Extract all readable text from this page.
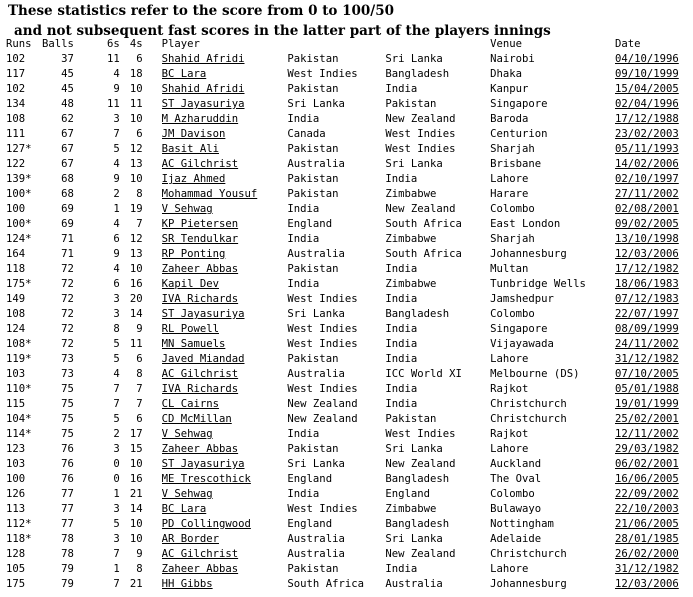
These statistics refer to the score from 0 to 100/50
and not subsequent fast scores in the latter part of the players innings
Runs	Balls	6s	4s		Player			Venue	Date
102	37	11	6		Shahid Afridi	Pakistan	Sri Lanka	Nairobi	04/10/1996
117	45	4	18		BC Lara	West Indies	Bangladesh	Dhaka	09/10/1999
102	45	9	10		Shahid Afridi	Pakistan	India	Kanpur	15/04/2005
134	48	11	11		ST Jayasuriya	Sri Lanka	Pakistan	Singapore	02/04/1996
108	62	3	10		M Azharuddin	India	New Zealand	Baroda	17/12/1988
111	67	7	6		JM Davison	Canada	West Indies	Centurion	23/02/2003
127*	67	5	12		Basit Ali	Pakistan	West Indies	Sharjah	05/11/1993
122	67	4	13		AC Gilchrist	Australia	Sri Lanka	Brisbane	14/02/2006
139*	68	9	10		Ijaz Ahmed	Pakistan	India	Lahore	02/10/1997
100*	68	2	8		Mohammad Yousuf	Pakistan	Zimbabwe	Harare	27/11/2002
100	69	1	19		V Sehwag	India	New Zealand	Colombo	02/08/2001
100*	69	4	7		KP Pietersen	England	South Africa	East London	09/02/2005
124*	71	6	12		SR Tendulkar	India	Zimbabwe	Sharjah	13/10/1998
164	71	9	13		RP Ponting	Australia	South Africa	Johannesburg	12/03/2006
118	72	4	10		Zaheer Abbas	Pakistan	India	Multan	17/12/1982
175*	72	6	16		Kapil Dev	India	Zimbabwe	Tunbridge Wells	18/06/1983
149	72	3	20		IVA Richards	West Indies	India	Jamshedpur	07/12/1983
108	72	3	14		ST Jayasuriya	Sri Lanka	Bangladesh	Colombo	22/07/1997
124	72	8	9		RL Powell	West Indies	India	Singapore	08/09/1999
108*	72	5	11		MN Samuels	West Indies	India	Vijayawada	24/11/2002
119*	73	5	6		Javed Miandad	Pakistan	India	Lahore	31/12/1982
103	73	4	8		AC Gilchrist	Australia	ICC World XI	Melbourne (DS)	07/10/2005
110*	75	7	7		IVA Richards	West Indies	India	Rajkot	05/01/1988
115	75	7	7		CL Cairns	New Zealand	India	Christchurch	19/01/1999
104*	75	5	6		CD McMillan	New Zealand	Pakistan	Christchurch	25/02/2001
114*	75	2	17		V Sehwag	India	West Indies	Rajkot	12/11/2002
123	76	3	15		Zaheer Abbas	Pakistan	Sri Lanka	Lahore	29/03/1982
103	76	0	10		ST Jayasuriya	Sri Lanka	New Zealand	Auckland	06/02/2001
100	76	0	16		ME Trescothick	England	Bangladesh	The Oval	16/06/2005
126	77	1	21		V Sehwag	India	England	Colombo	22/09/2002
113	77	3	14		BC Lara	West Indies	Zimbabwe	Bulawayo	22/10/2003
112*	77	5	10		PD Collingwood	England	Bangladesh	Nottingham	21/06/2005
118*	78	3	10		AR Border	Australia	Sri Lanka	Adelaide	28/01/1985
128	78	7	9		AC Gilchrist	Australia	New Zealand	Christchurch	26/02/2000
105	79	1	8		Zaheer Abbas	Pakistan	India	Lahore	31/12/1982
175	79	7	21		HH Gibbs	South Africa	Australia	Johannesburg	12/03/2006
